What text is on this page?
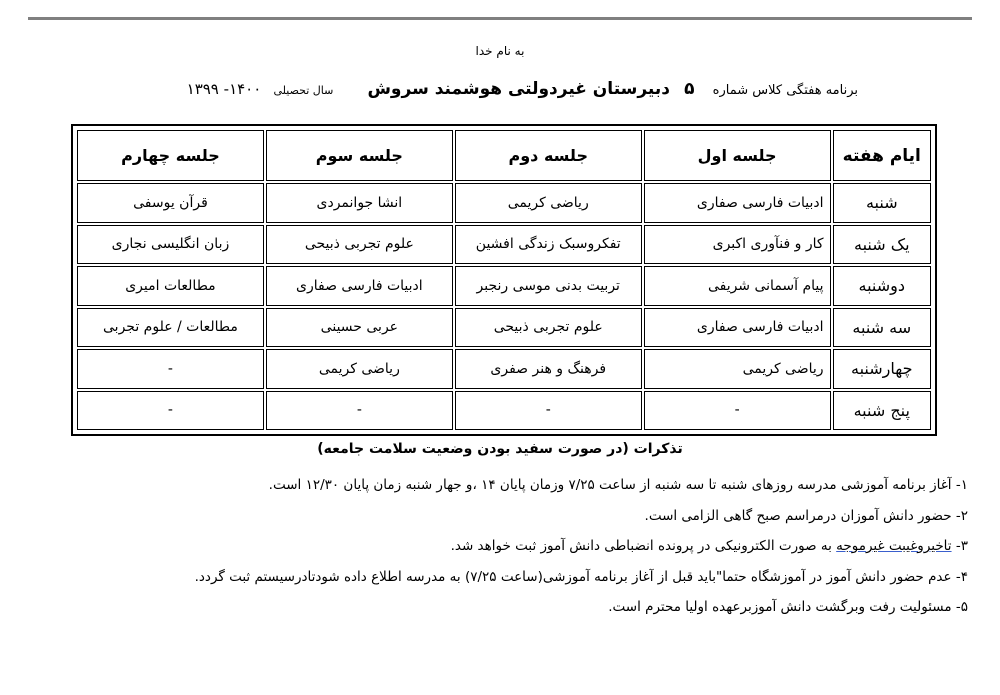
به نام خدا
برنامه هفتگی کلاس شماره ۵ دبیرستان غیردولتی هوشمند سروش سال تحصیلی ۱۴۰۰- ۱۳۹۹
ایام هفته	جلسه اول	جلسه دوم	جلسه سوم	جلسه چهارم
شنبه	ادبیات فارسی صفاری	ریاضی کریمی	انشا جوانمردی	قرآن یوسفی
یک شنبه	کار و فنآوری اکبری	تفکروسبک زندگی افشین	علوم تجربی ذبیحی	زبان انگلیسی نجاری
دوشنبه	پیام آسمانی شریفی	تربیت بدنی موسی رنجبر	ادبیات فارسی صفاری	مطالعات امیری
سه شنبه	ادبیات فارسی صفاری	علوم تجربی ذبیحی	عربی حسینی	مطالعات / علوم تجربی
چهارشنبه	ریاضی کریمی	فرهنگ و هنر صفری	ریاضی کریمی	-
پنج شنبه	-	-	-	-
تذکرات (در صورت سفید بودن وضعیت سلامت جامعه)
۱- آغاز برنامه آموزشی مدرسه روزهای شنبه تا سه شنبه از ساعت ۷/۲۵ وزمان پایان ۱۴ ،و جهار شنبه زمان پایان ۱۲/۳۰ است.
۲- حضور دانش آموزان درمراسم صبح گاهی الزامی است.
۳- تاخیروغیبت غیرموجه به صورت الکترونیکی در پرونده انضباطی دانش آموز ثبت خواهد شد.
۴- عدم حضور دانش آموز در آموزشگاه حتما"باید قبل از آغاز برنامه آموزشی(ساعت ۷/۲۵) به مدرسه اطلاع داده شودتادرسیستم ثبت گردد.
۵- مسئولیت رفت وبرگشت دانش آموزبرعهده اولیا محترم است.
